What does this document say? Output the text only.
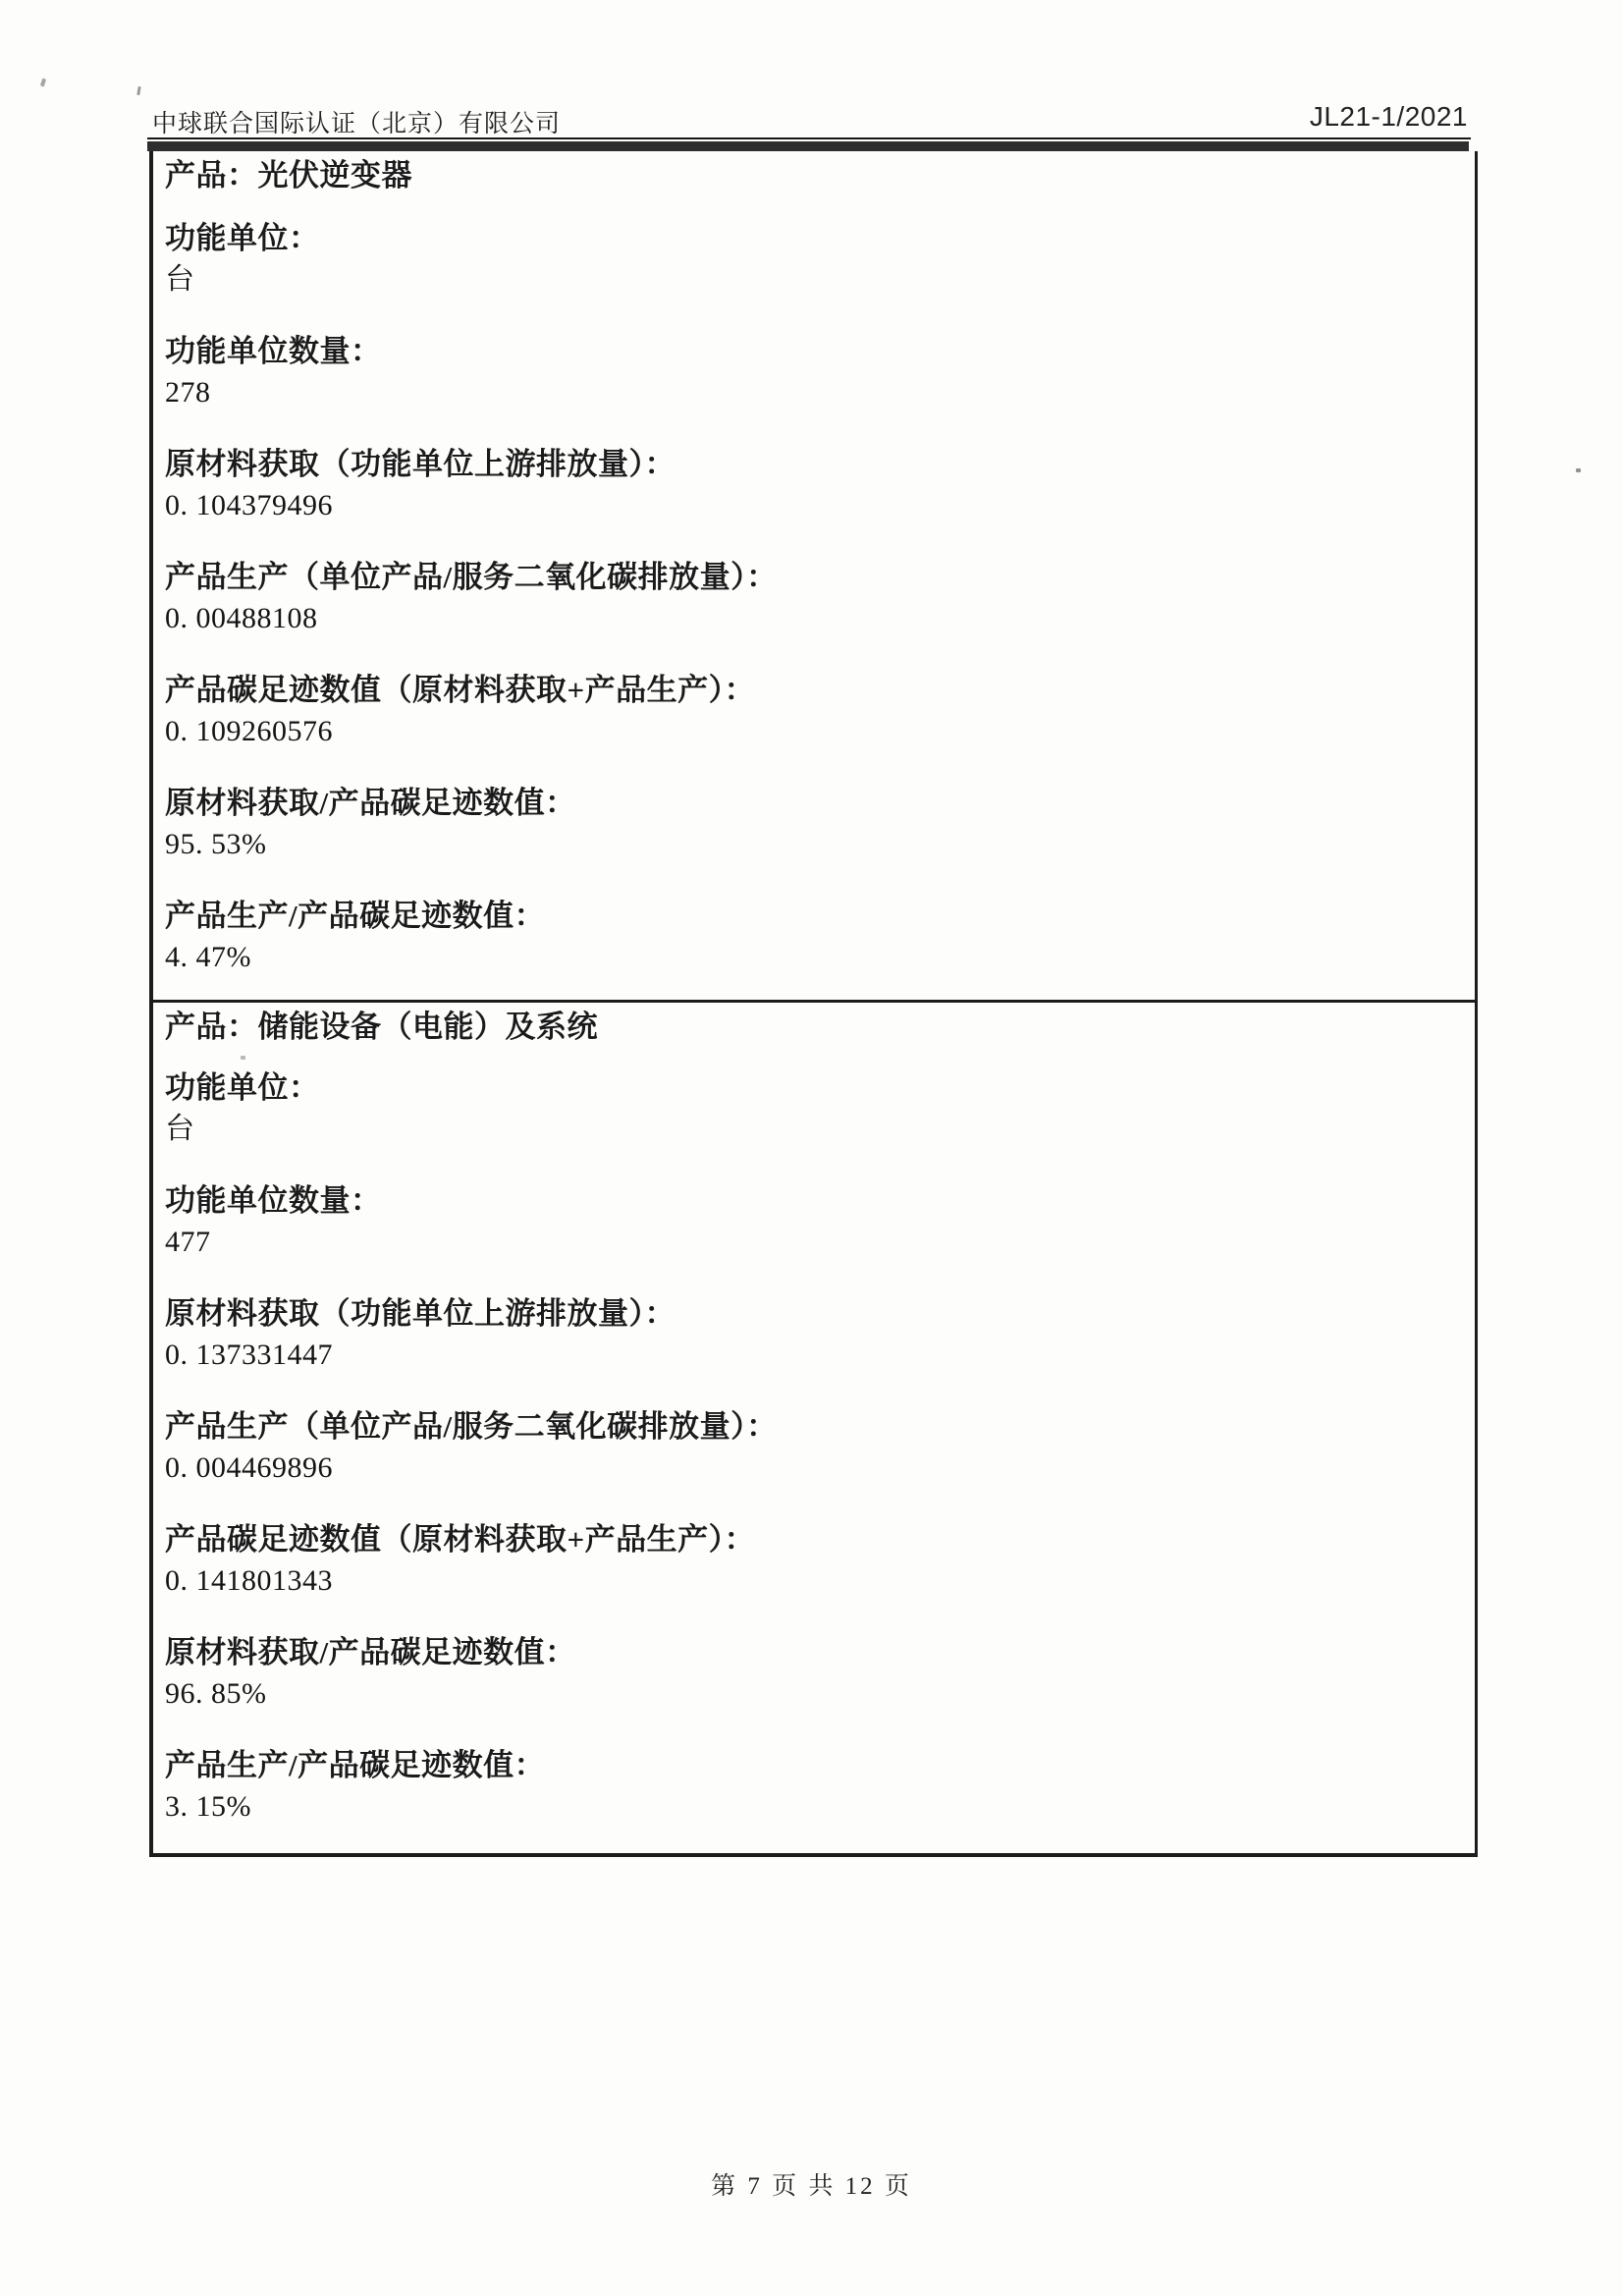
中球联合国际认证（北京）有限公司	JL21-1/2021
产品：光伏逆变器
功能单位：
台
功能单位数量：
278
原材料获取（功能单位上游排放量）：
0. 104379496
产品生产（单位产品/服务二氧化碳排放量）：
0. 00488108
产品碳足迹数值（原材料获取+产品生产）：
0. 109260576
原材料获取/产品碳足迹数值：
95. 53%
产品生产/产品碳足迹数值：
4. 47%
产品：储能设备（电能）及系统
功能单位：
台
功能单位数量：
477
原材料获取（功能单位上游排放量）：
0. 137331447
产品生产（单位产品/服务二氧化碳排放量）：
0. 004469896
产品碳足迹数值（原材料获取+产品生产）：
0. 141801343
原材料获取/产品碳足迹数值：
96. 85%
产品生产/产品碳足迹数值：
3. 15%
第 7 页 共 12 页
